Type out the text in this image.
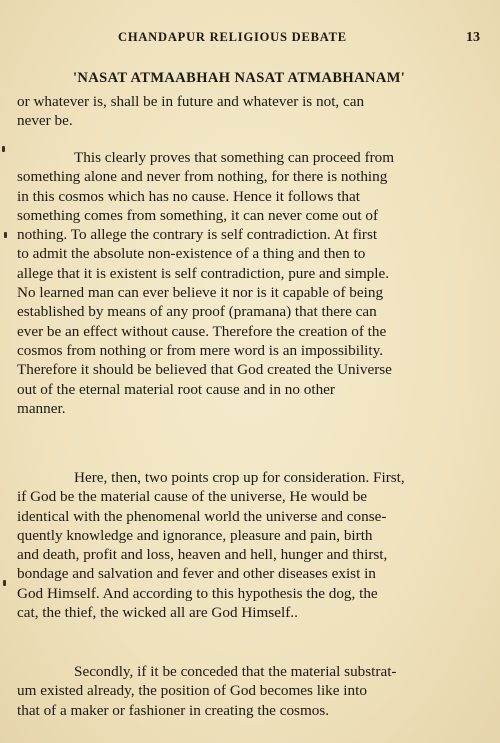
CHANDAPUR RELIGIOUS DEBATE	13
'NASAT ATMAABHAH NASAT ATMABHANAM'
or whatever is, shall be in future and whatever is not, can
never be.
This clearly proves that something can proceed from
something alone and never from nothing, for there is nothing
in this cosmos which has no cause. Hence it follows that
something comes from something, it can never come out of
nothing. To allege the contrary is self contradiction. At first
to admit the absolute non-existence of a thing and then to
allege that it is existent is self contradiction, pure and simple.
No learned man can ever believe it nor is it capable of being
established by means of any proof (pramana) that there can
ever be an effect without cause. Therefore the creation of the
cosmos from nothing or from mere word is an impossibility.
Therefore it should be believed that God created the Universe
out of the eternal material root cause and in no other
manner.
Here, then, two points crop up for consideration. First,
if God be the material cause of the universe, He would be
identical with the phenomenal world the universe and conse-
quently knowledge and ignorance, pleasure and pain, birth
and death, profit and loss, heaven and hell, hunger and thirst,
bondage and salvation and fever and other diseases exist in
God Himself. And according to this hypothesis the dog, the
cat, the thief, the wicked all are God Himself..
Secondly, if it be conceded that the material substrat-
um existed already, the position of God becomes like into
that of a maker or fashioner in creating the cosmos.
